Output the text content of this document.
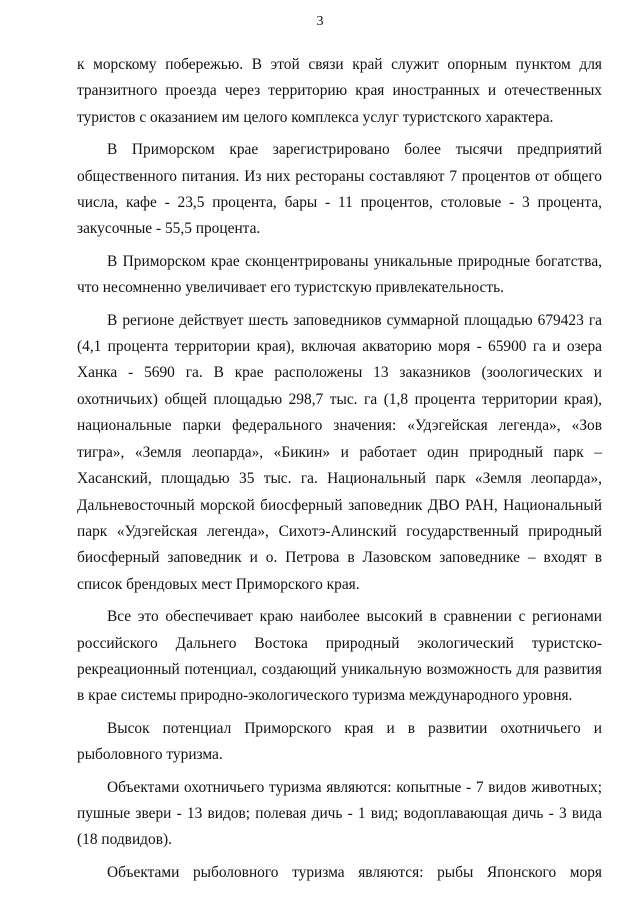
3

к морскому побережью. В этой связи край служит опорным пунктом для транзитного проезда через территорию края иностранных и отечественных туристов с оказанием им целого комплекса услуг туристского характера.

В Приморском крае зарегистрировано более тысячи предприятий общественного питания. Из них рестораны составляют 7 процентов от общего числа, кафе - 23,5 процента, бары - 11 процентов, столовые - 3 процента, закусочные - 55,5 процента.

В Приморском крае сконцентрированы уникальные природные богатства, что несомненно увеличивает его туристскую привлекательность.

В регионе действует шесть заповедников суммарной площадью 679423 га (4,1 процента территории края), включая акваторию моря - 65900 га и озера Ханка - 5690 га. В крае расположены 13 заказников (зоологических и охотничьих) общей площадью 298,7 тыс. га (1,8 процента территории края), национальные парки федерального значения: «Удэгейская легенда», «Зов тигра», «Земля леопарда», «Бикин» и работает один природный парк – Хасанский, площадью 35 тыс. га. Национальный парк «Земля леопарда», Дальневосточный морской биосферный заповедник ДВО РАН, Национальный парк «Удэгейская легенда», Сихотэ-Алинский государственный природный биосферный заповедник и о. Петрова в Лазовском заповеднике – входят в список брендовых мест Приморского края.

Все это обеспечивает краю наиболее высокий в сравнении с регионами российского Дальнего Востока природный экологический туристско-рекреационный потенциал, создающий уникальную возможность для развития в крае системы природно-экологического туризма международного уровня.

Высок потенциал Приморского края и в развитии охотничьего и рыболовного туризма.

Объектами охотничьего туризма являются: копытные - 7 видов животных; пушные звери - 13 видов; полевая дичь - 1 вид; водоплавающая дичь - 3 вида (18 подвидов).

Объектами рыболовного туризма являются: рыбы Японского моря
